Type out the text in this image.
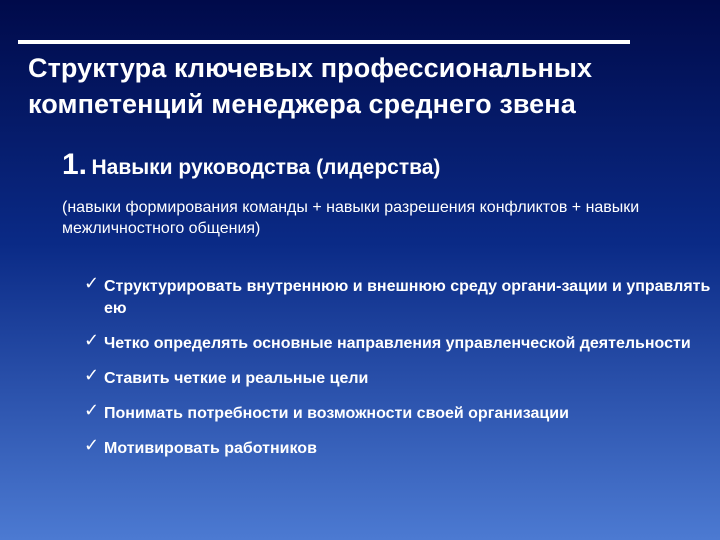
Структура ключевых профессиональных компетенций менеджера среднего звена
1. Навыки руководства (лидерства)
(навыки формирования команды + навыки разрешения конфликтов + навыки межличностного общения)
✓ Структурировать внутреннюю и внешнюю среду органи-зации и управлять ею
✓ Четко определять основные направления управленческой деятельности
✓ Ставить четкие и реальные цели
✓ Понимать потребности и возможности своей организации
✓ Мотивировать работников
